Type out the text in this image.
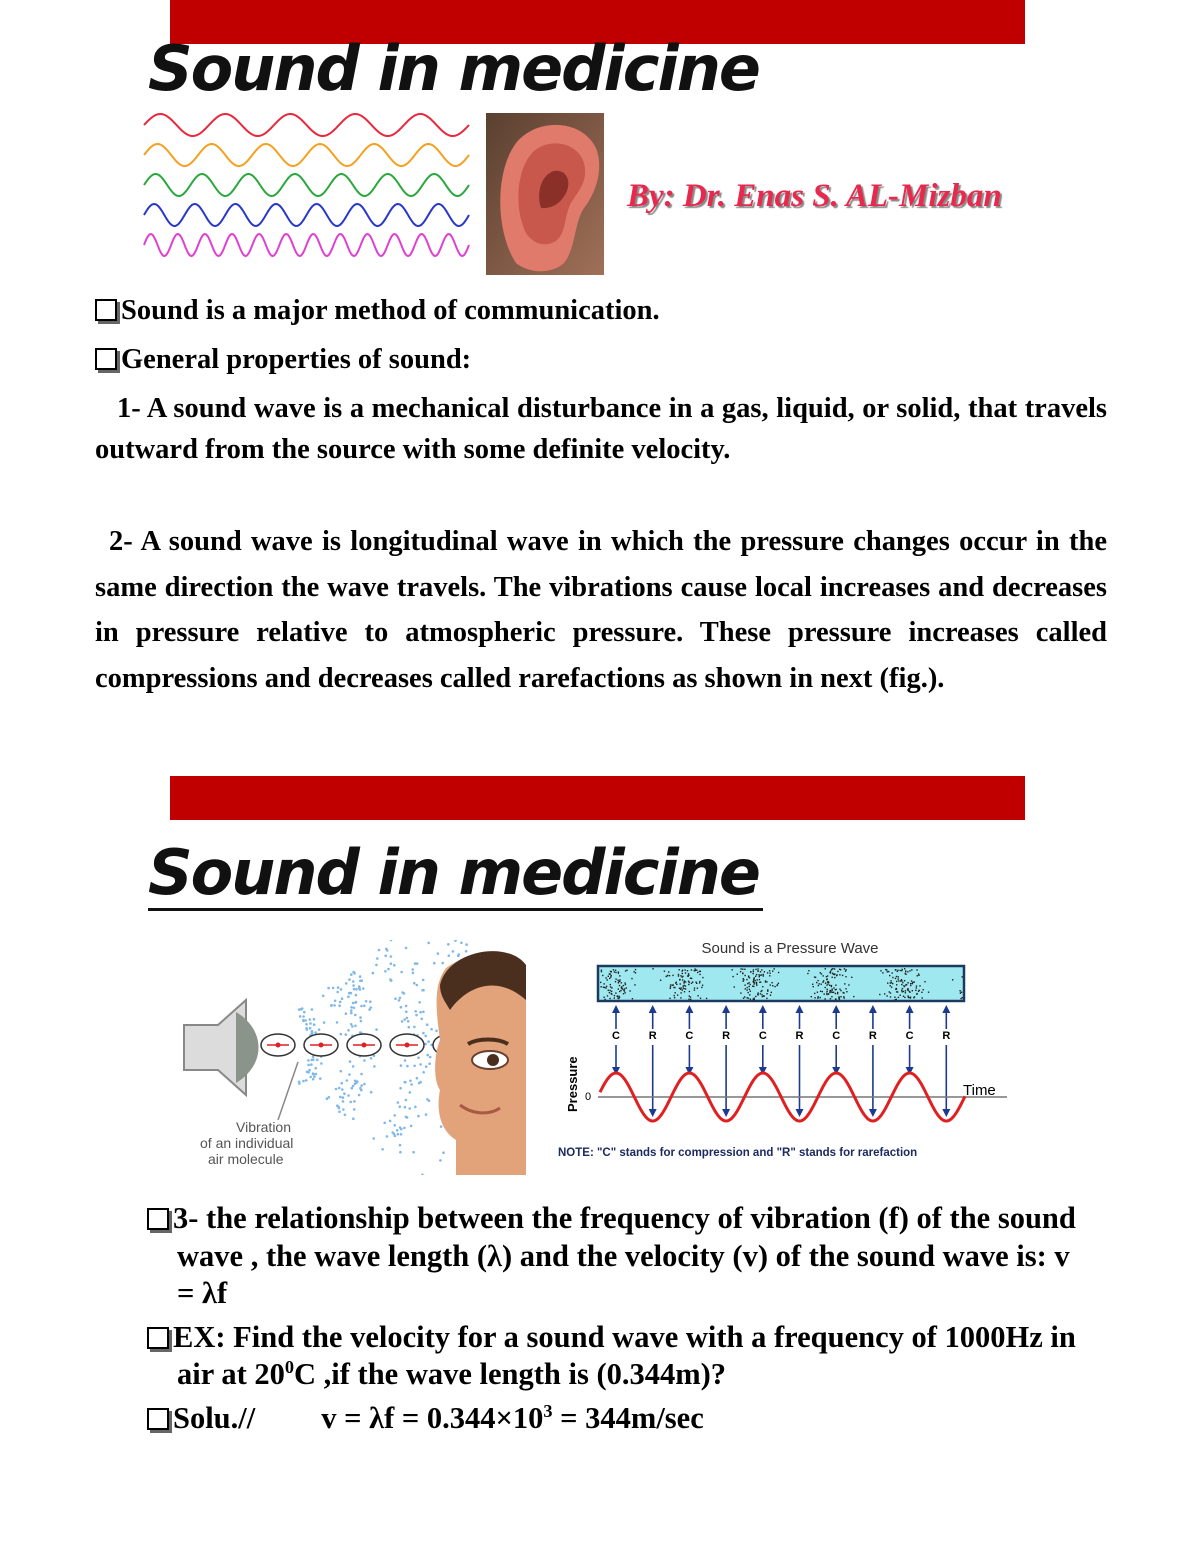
Sound in medicine
By: Dr. Enas S. AL-Mizban
Sound is a major method of communication.
General properties of sound:
1- A sound wave is a mechanical disturbance in a gas, liquid, or solid, that travels outward from the source with some definite velocity.
2- A sound wave is longitudinal wave in which the pressure changes occur in the same direction the wave travels. The vibrations cause local increases and decreases in pressure relative to atmospheric pressure. These pressure increases called compressions and decreases called rarefactions as shown in next (fig.).
Sound in medicine
Vibration
of an individual
air molecule
Sound is a Pressure Wave
C	R	C	R	C	R	C	R	C	R
Pressure 0	Time
NOTE: "C" stands for compression and "R" stands for rarefaction
3- the relationship between the frequency of vibration (f) of the sound wave , the wave length (λ) and the velocity (v) of the sound wave is: v = λf
EX: Find the velocity for a sound wave with a frequency of 1000Hz in air at $20^0C$ ,if the wave length is (0.344m)?
Solu.// $v = \lambda f = 0.344\times 10^3 = 344m/\sec$
